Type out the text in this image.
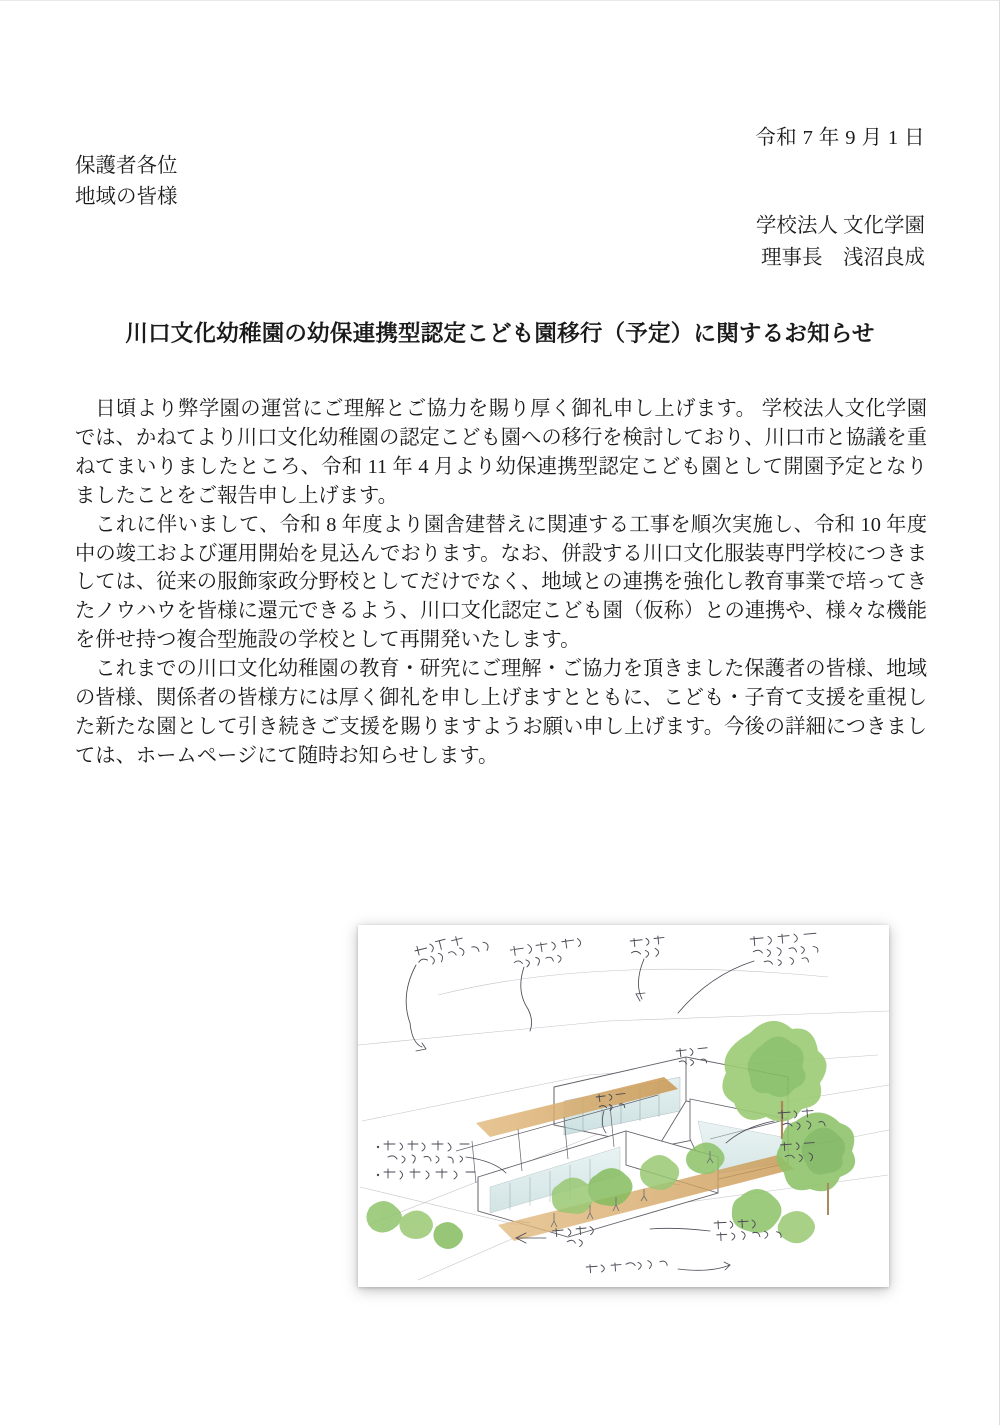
令和 7 年 9 月 1 日
保護者各位
地域の皆様
学校法人 文化学園
理事長　浅沼良成
川口文化幼稚園の幼保連携型認定こども園移行（予定）に関するお知らせ

日頃より弊学園の運営にご理解とご協力を賜り厚く御礼申し上げます。 学校法人文化学園では、かねてより川口文化幼稚園の認定こども園への移行を検討しており、川口市と協議を重ねてまいりましたところ、令和 11 年 4 月より幼保連携型認定こども園として開園予定となりましたことをご報告申し上げます。

これに伴いまして、令和 8 年度より園舎建替えに関連する工事を順次実施し、令和 10 年度中の竣工および運用開始を見込んでおります。なお、併設する川口文化服装専門学校につきましては、従来の服飾家政分野校としてだけでなく、地域との連携を強化し教育事業で培ってきたノウハウを皆様に還元できるよう、川口文化認定こども園（仮称）との連携や、様々な機能を併せ持つ複合型施設の学校として再開発いたします。

これまでの川口文化幼稚園の教育・研究にご理解・ご協力を頂きました保護者の皆様、地域の皆様、関係者の皆様方には厚く御礼を申し上げますとともに、こども・子育て支援を重視した新たな園として引き続きご支援を賜りますようお願い申し上げます。今後の詳細につきましては、ホームページにて随時お知らせします。
